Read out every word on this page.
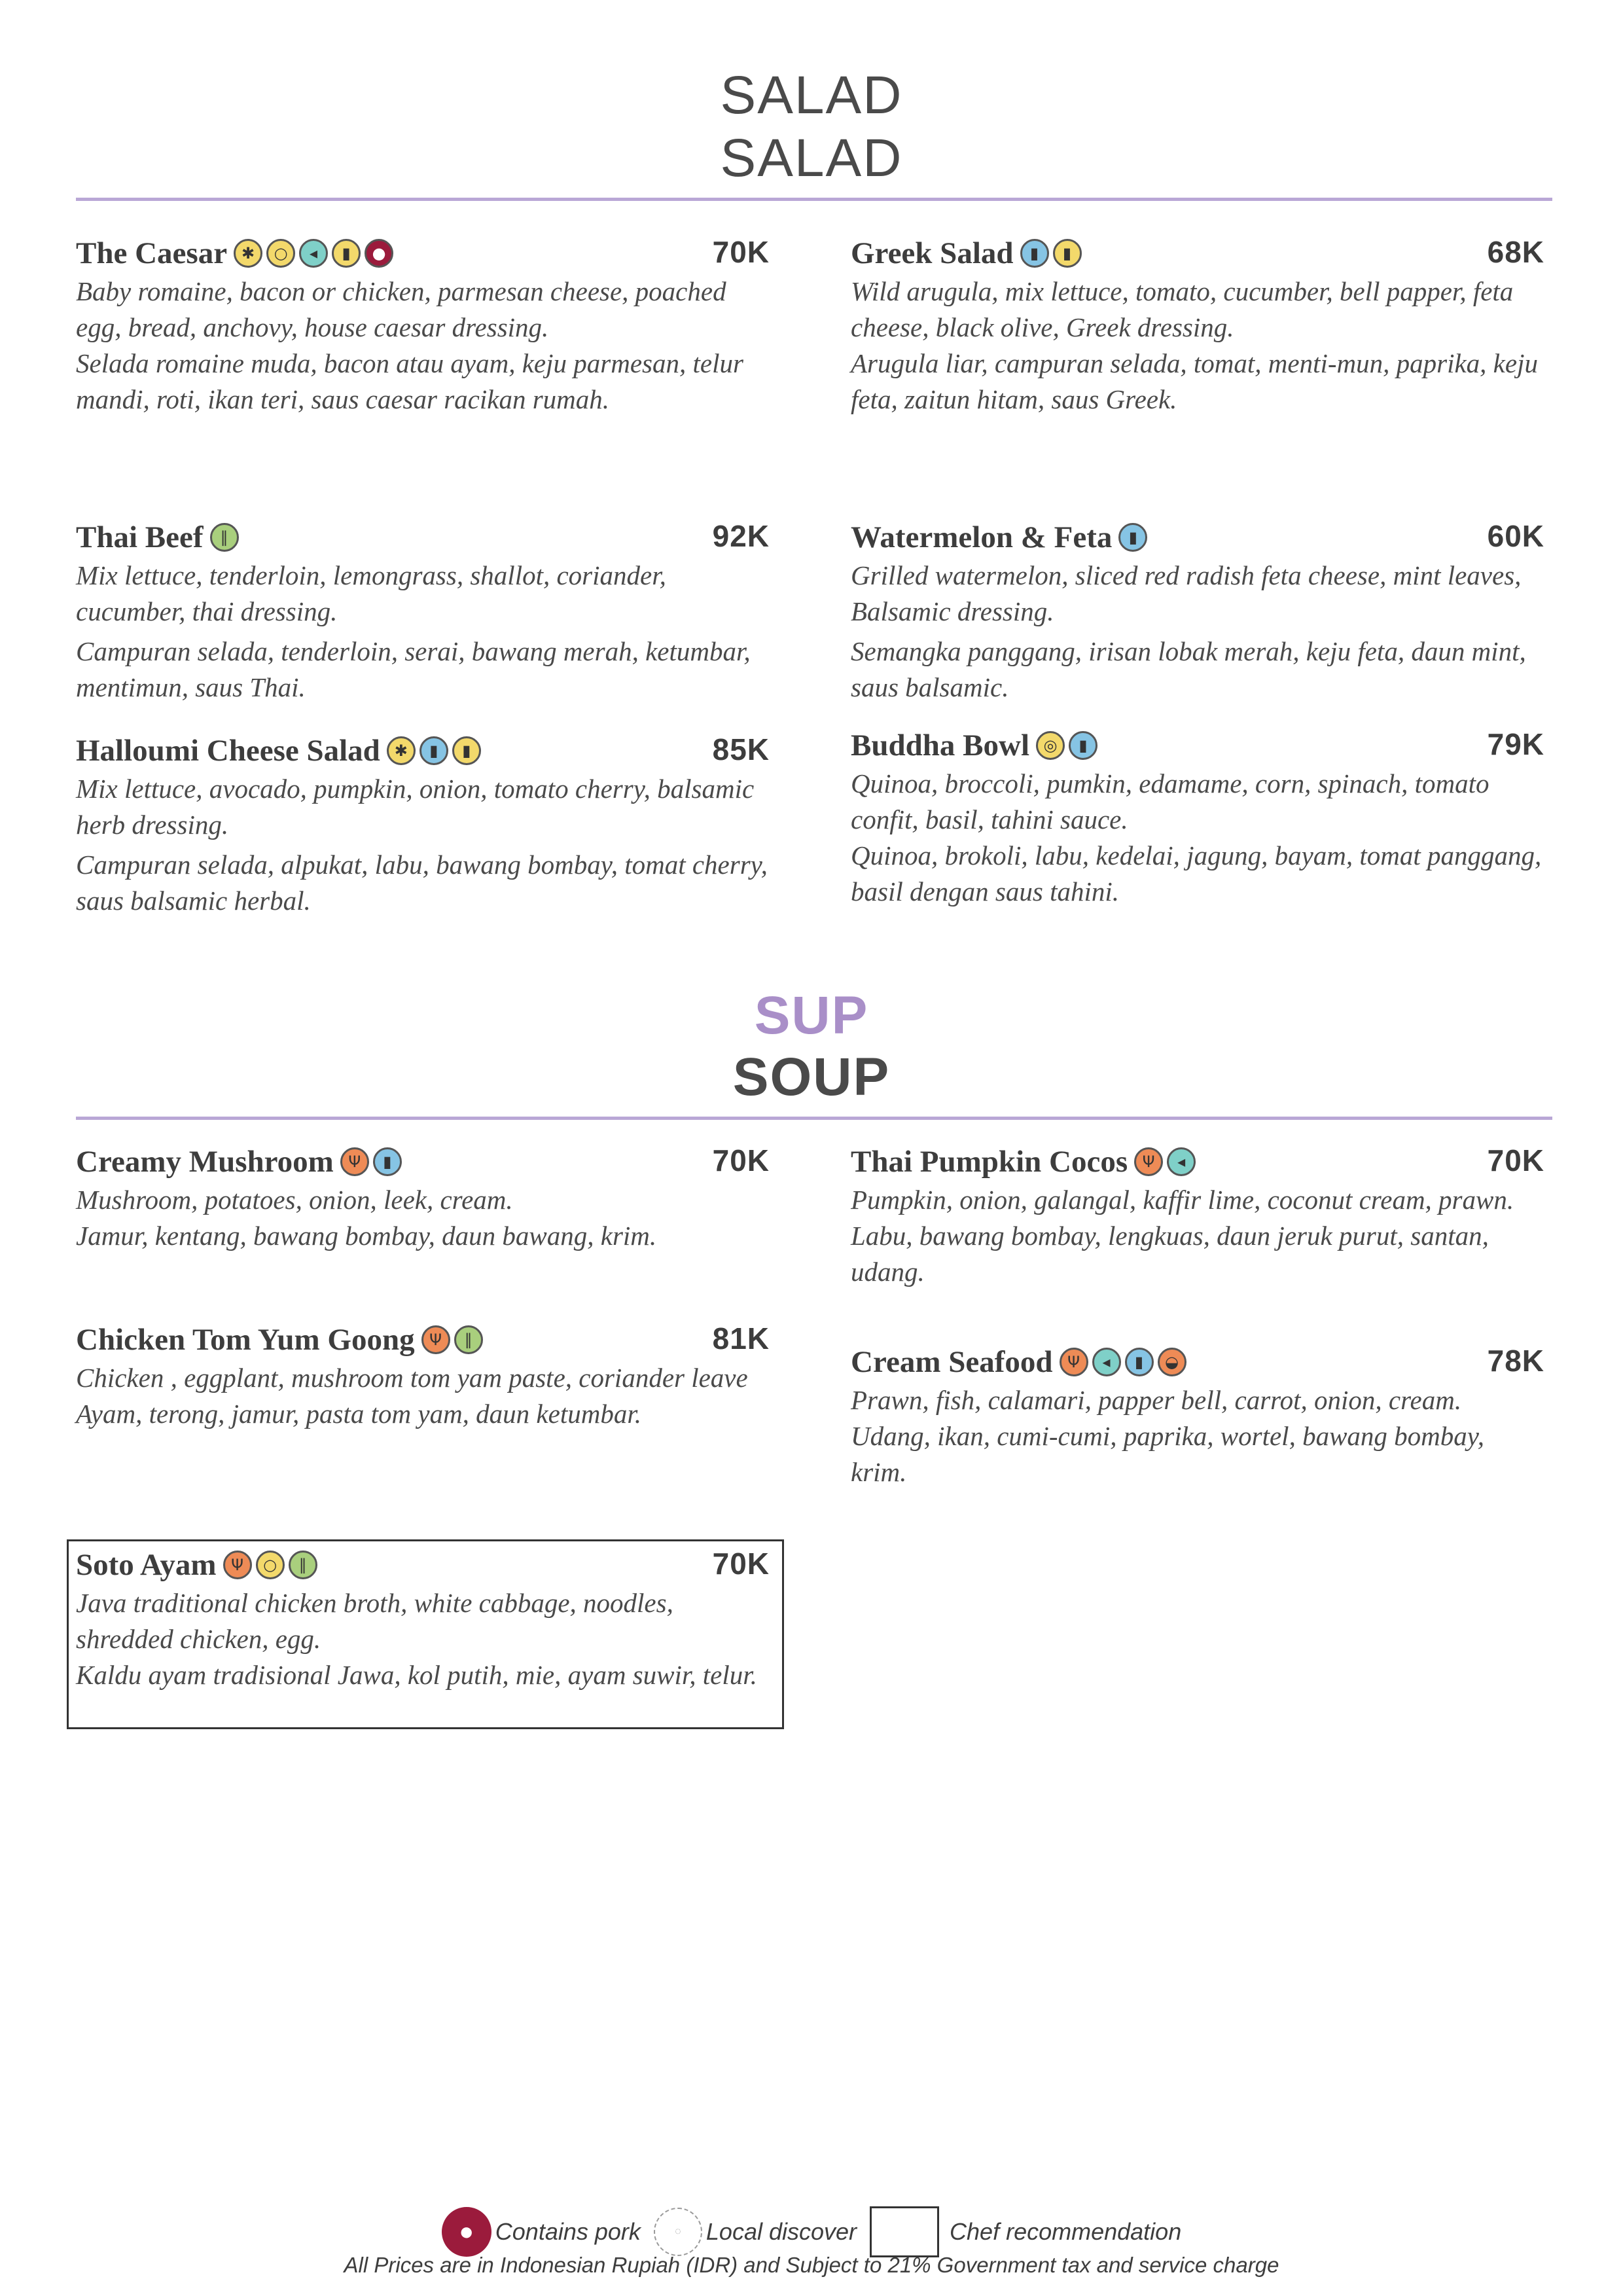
SALAD
SALAD
The Caesar ✱	○	◂	▮	●	70K

Baby romaine, bacon or chicken, parmesan cheese, poached egg, bread, anchovy, house caesar dressing.

Selada romaine muda, bacon atau ayam, keju parmesan, telur mandi, roti, ikan teri, saus caesar racikan rumah.

Thai Beef	∥	92K

Mix lettuce, tenderloin, lemongrass, shallot, coriander, cucumber, thai dressing.

Campuran selada, tenderloin, serai, bawang merah, ketumbar, mentimun, saus Thai.

Halloumi Cheese Salad ✱	▮	▮	85K

Mix lettuce, avocado, pumpkin, onion, tomato cherry, balsamic herb dressing.

Campuran selada, alpukat, labu, bawang bombay, tomat cherry, saus balsamic herbal.

Greek Salad	▮	▮	68K

Wild arugula, mix lettuce, tomato, cucumber, bell papper, feta cheese, black olive, Greek dressing.

Arugula liar, campuran selada, tomat, menti-mun, paprika, keju feta, zaitun hitam, saus Greek.

Watermelon & Feta	▮	60K

Grilled watermelon, sliced red radish feta cheese, mint leaves, Balsamic dressing.

Semangka panggang, irisan lobak merah, keju feta, daun mint, saus balsamic.

Buddha Bowl ◎	▮	79K

Quinoa, broccoli, pumkin, edamame, corn, spinach, tomato confit, basil, tahini sauce.

Quinoa, brokoli, labu, kedelai, jagung, bayam, tomat panggang, basil dengan saus tahini.

SUP
SOUP
Creamy Mushroom Ψ	▮	70K

Mushroom, potatoes, onion, leek, cream.

Jamur, kentang, bawang bombay, daun bawang, krim.

Chicken Tom Yum Goong Ψ	∥	81K

Chicken , eggplant, mushroom tom yam paste, coriander leave

Ayam, terong, jamur, pasta tom yam, daun ketumbar.

Soto Ayam Ψ	○	∥	70K

Java traditional chicken broth, white cabbage, noodles, shredded chicken, egg.

Kaldu ayam tradisional Jawa, kol putih, mie, ayam suwir, telur.

Thai Pumpkin Cocos Ψ	◂	70K

Pumpkin, onion, galangal, kaffir lime, coconut cream, prawn.

Labu, bawang bombay, lengkuas, daun jeruk purut, santan, udang.

Cream Seafood Ψ	◂	▮	◒	78K

Prawn, fish, calamari, papper bell, carrot, onion, cream.

Udang, ikan, cumi-cumi, paprika, wortel, bawang bombay, krim.

● Contains pork	◌	Local discover	Chef recommendation
All Prices are in Indonesian Rupiah (IDR) and Subject to 21% Government tax and service charge
